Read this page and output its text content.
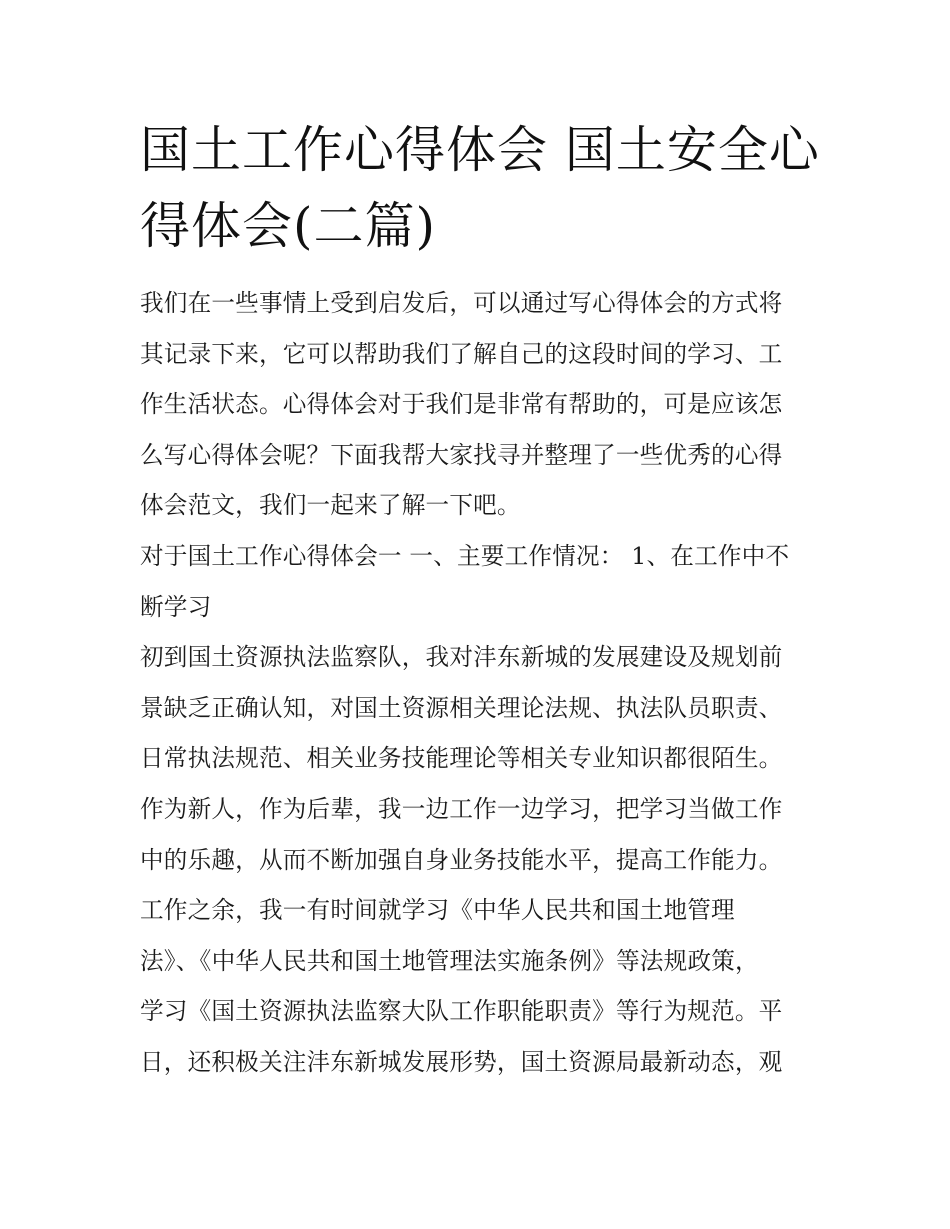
国土工作心得体会 国土安全心
得体会(二篇)

我们在一些事情上受到启发后，可以通过写心得体会的方式将
其记录下来，它可以帮助我们了解自己的这段时间的学习、工
作生活状态。心得体会对于我们是非常有帮助的，可是应该怎
么写心得体会呢？下面我帮大家找寻并整理了一些优秀的心得
体会范文，我们一起来了解一下吧。

对于国土工作心得体会一 一、主要工作情况： 1、在工作中不
断学习

初到国土资源执法监察队，我对沣东新城的发展建设及规划前
景缺乏正确认知，对国土资源相关理论法规、执法队员职责、
日常执法规范、相关业务技能理论等相关专业知识都很陌生。
作为新人，作为后辈，我一边工作一边学习，把学习当做工作
中的乐趣，从而不断加强自身业务技能水平，提高工作能力。
工作之余，我一有时间就学习《中华人民共和国土地管理
法》、《中华人民共和国土地管理法实施条例》等法规政策，
学习《国土资源执法监察大队工作职能职责》等行为规范。平
日，还积极关注沣东新城发展形势，国土资源局最新动态，观
